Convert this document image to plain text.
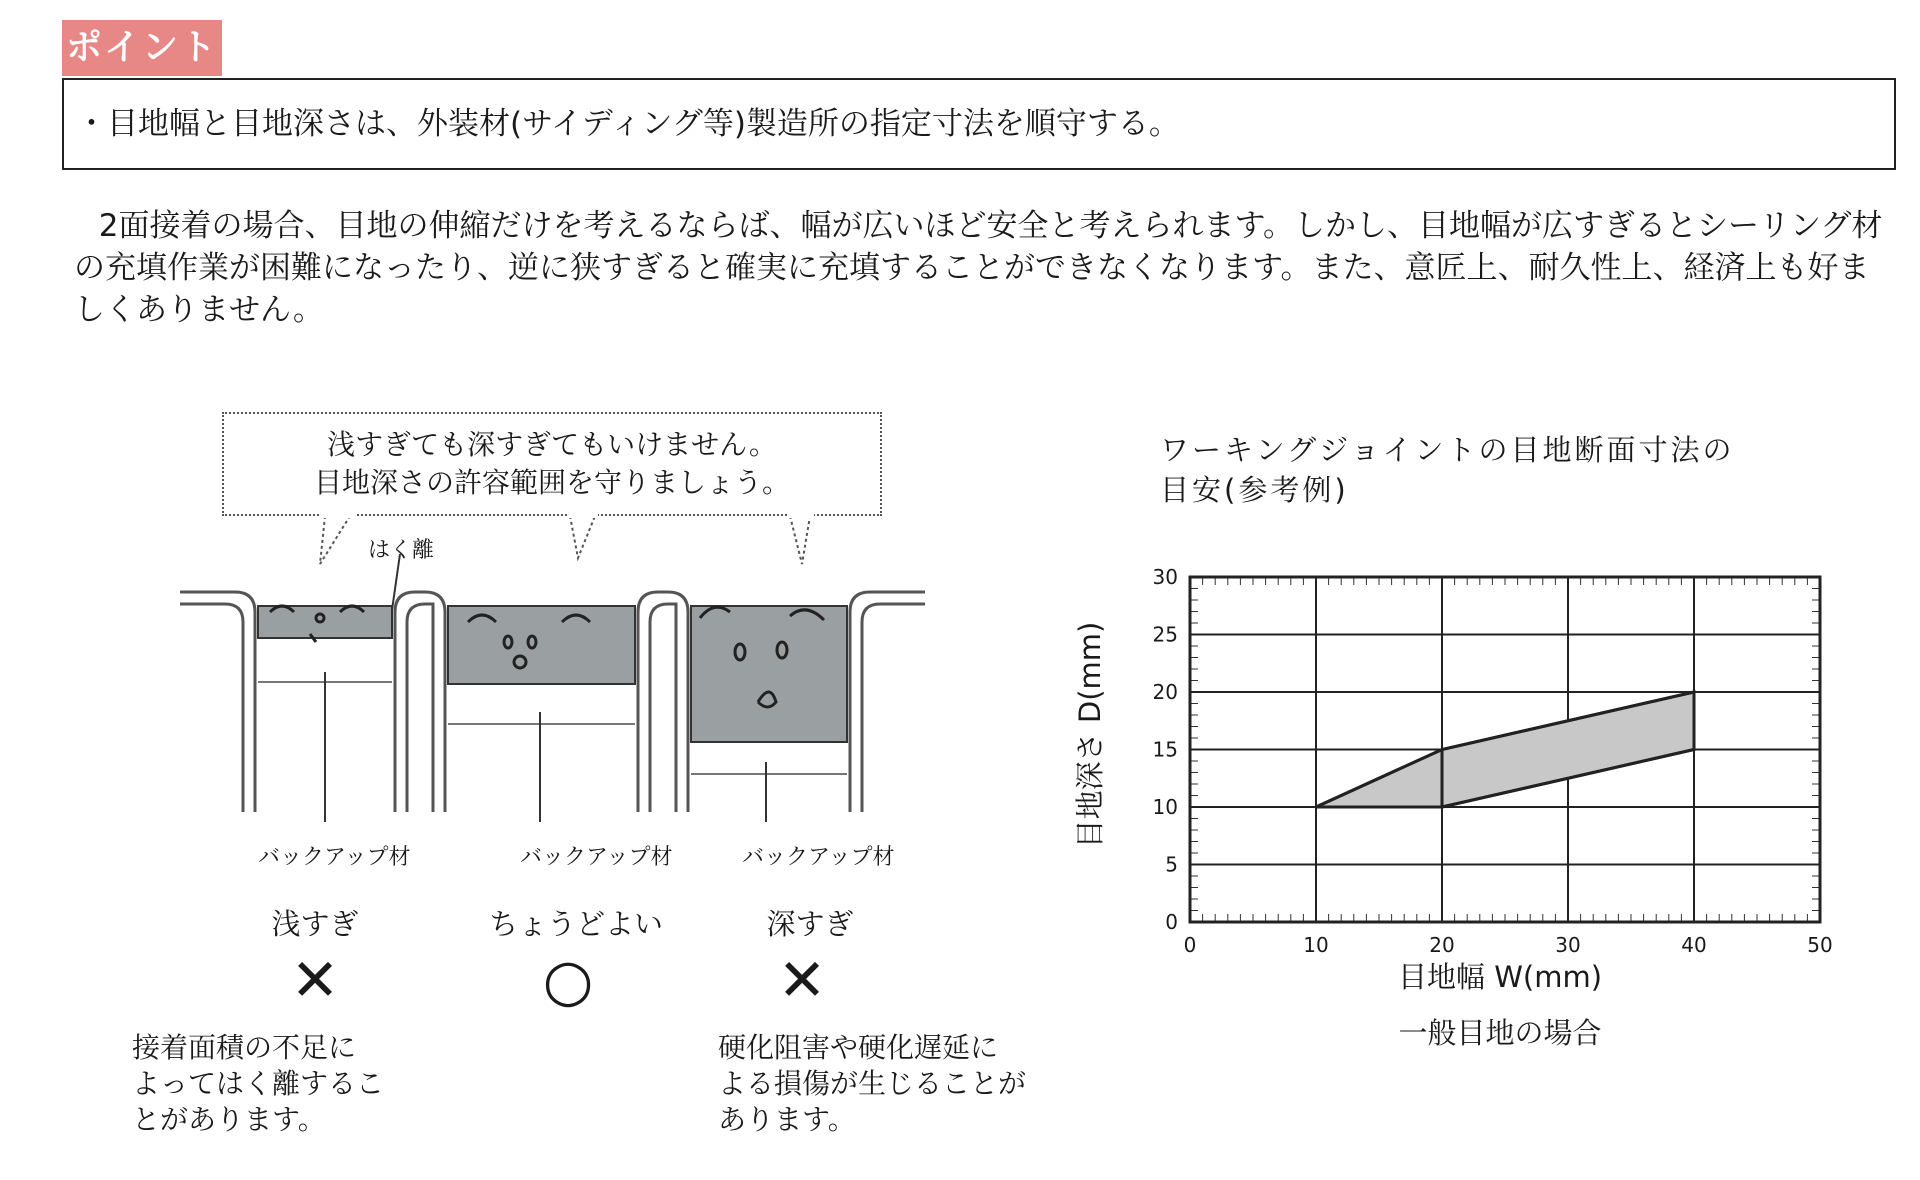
ポイント
・目地幅と目地深さは、外装材(サイディング等)製造所の指定寸法を順守する。
2面接着の場合、目地の伸縮だけを考えるならば、幅が広いほど安全と考えられます。しかし、目地幅が広すぎるとシーリング材の充填作業が困難になったり、逆に狭すぎると確実に充填することができなくなります。また、意匠上、耐久性上、経済上も好ましくありません。
浅すぎても深すぎてもいけません。
目地深さの許容範囲を守りましょう。
はく離
バックアップ材	バックアップ材	バックアップ材
浅すぎ	ちょうどよい	深すぎ
✕	○	✕
接着面積の不足に
よってはく離するこ
とがあります。
硬化阻害や硬化遅延に
よる損傷が生じることが
あります。
ワーキングジョイントの目地断面寸法の
目安(参考例)
0	10	20	30	40	50
0
5
10
15
20
25
30
目地幅 W(mm)
一般目地の場合
目地深さ D(mm)
